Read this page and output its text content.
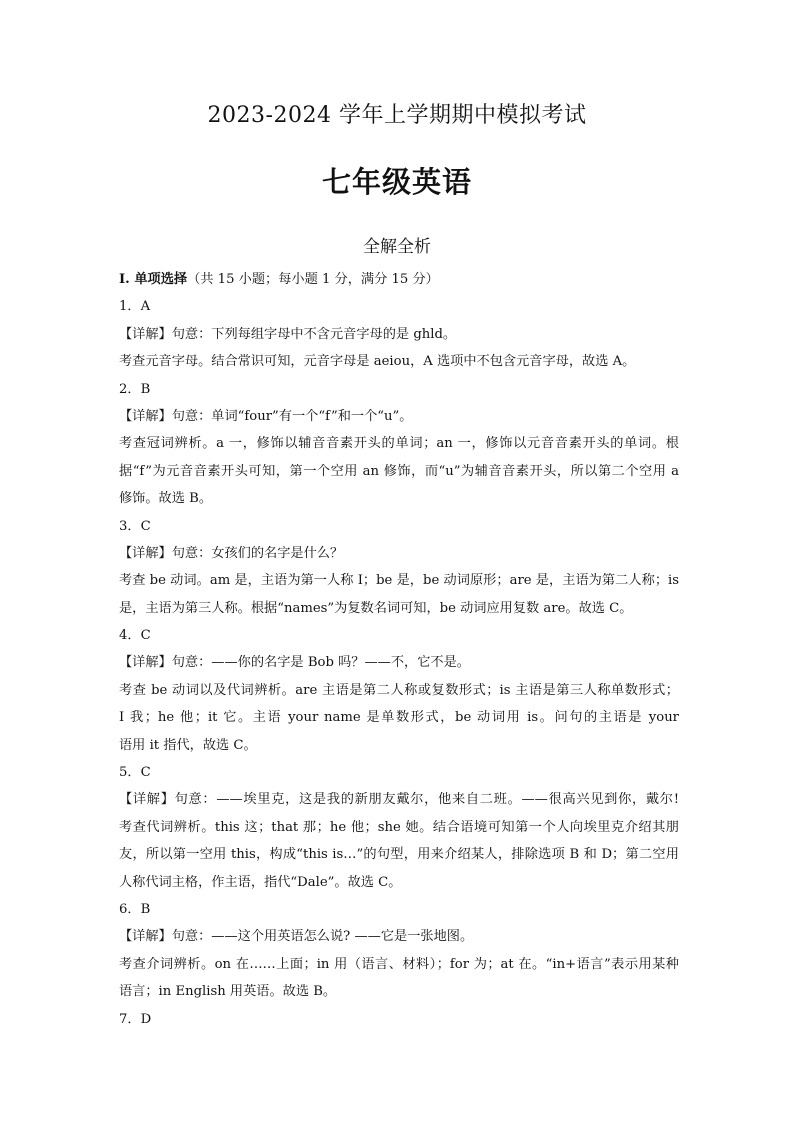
2023-2024 学年上学期期中模拟考试
七年级英语
全解全析
I. 单项选择（共 15 小题；每小题 1 分，满分 15 分）
1．A
【详解】句意：下列每组字母中不含元音字母的是 ghld。
考查元音字母。结合常识可知，元音字母是 aeiou，A 选项中不包含元音字母，故选 A。
2．B
【详解】句意：单词“four”有一个“f”和一个“u”。
考查冠词辨析。a 一，修饰以辅音音素开头的单词；an 一，修饰以元音音素开头的单词。根
据“f”为元音音素开头可知，第一个空用 an 修饰，而“u”为辅音音素开头，所以第二个空用 a
修饰。故选 B。
3．C
【详解】句意：女孩们的名字是什么？
考查 be 动词。am 是，主语为第一人称 I；be 是，be 动词原形；are 是，主语为第二人称；is
是，主语为第三人称。根据“names”为复数名词可知，be 动词应用复数 are。故选 C。
4．C
【详解】句意：——你的名字是 Bob 吗？——不，它不是。
考查 be 动词以及代词辨析。are 主语是第二人称或复数形式；is 主语是第三人称单数形式；
I 我；he 他；it 它。主语 your name 是单数形式，be 动词用 is。问句的主语是 your
语用 it 指代，故选 C。
5．C
【详解】句意：——埃里克，这是我的新朋友戴尔，他来自二班。——很高兴见到你，戴尔!
考查代词辨析。this 这；that 那；he 他；she 她。结合语境可知第一个人向埃里克介绍其朋
友，所以第一空用 this，构成“this is…”的句型，用来介绍某人，排除选项 B 和 D；第二空用
人称代词主格，作主语，指代“Dale”。故选 C。
6．B
【详解】句意：——这个用英语怎么说? ——它是一张地图。
考查介词辨析。on 在……上面；in 用（语言、材料）；for 为；at 在。“in+语言”表示用某种
语言；in English 用英语。故选 B。
7．D
